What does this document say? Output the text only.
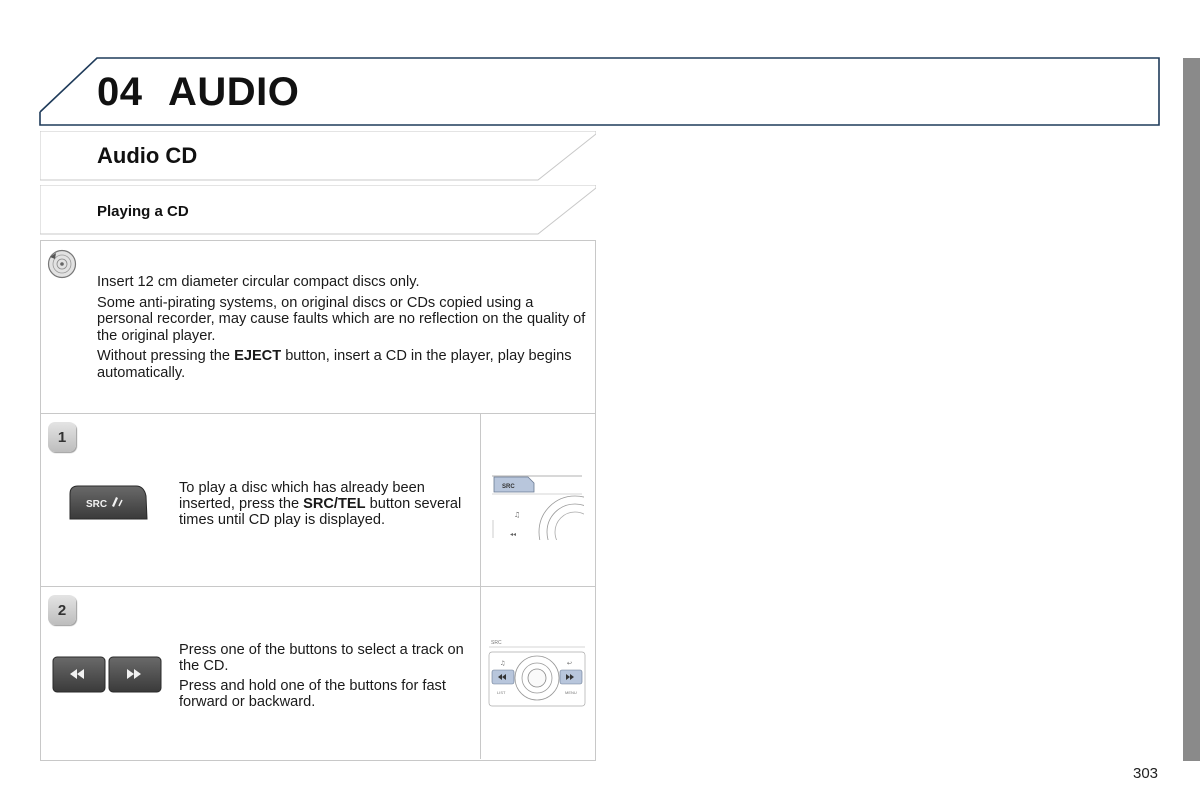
04 AUDIO
Audio CD
Playing a CD

Insert 12 cm diameter circular compact discs only.

Some anti-pirating systems, on original discs or CDs copied using a personal recorder, may cause faults which are no reflection on the quality of the original player.

Without pressing the EJECT button, insert a CD in the player, play begins automatically.

1
SRC

To play a disc which has already been inserted, press the SRC/TEL button several times until CD play is displayed.

SRC
♫
◂◂
2

Press one of the buttons to select a track on the CD.

Press and hold one of the buttons for fast forward or backward.

SRC
♫	↩
LIST	MENU
303
